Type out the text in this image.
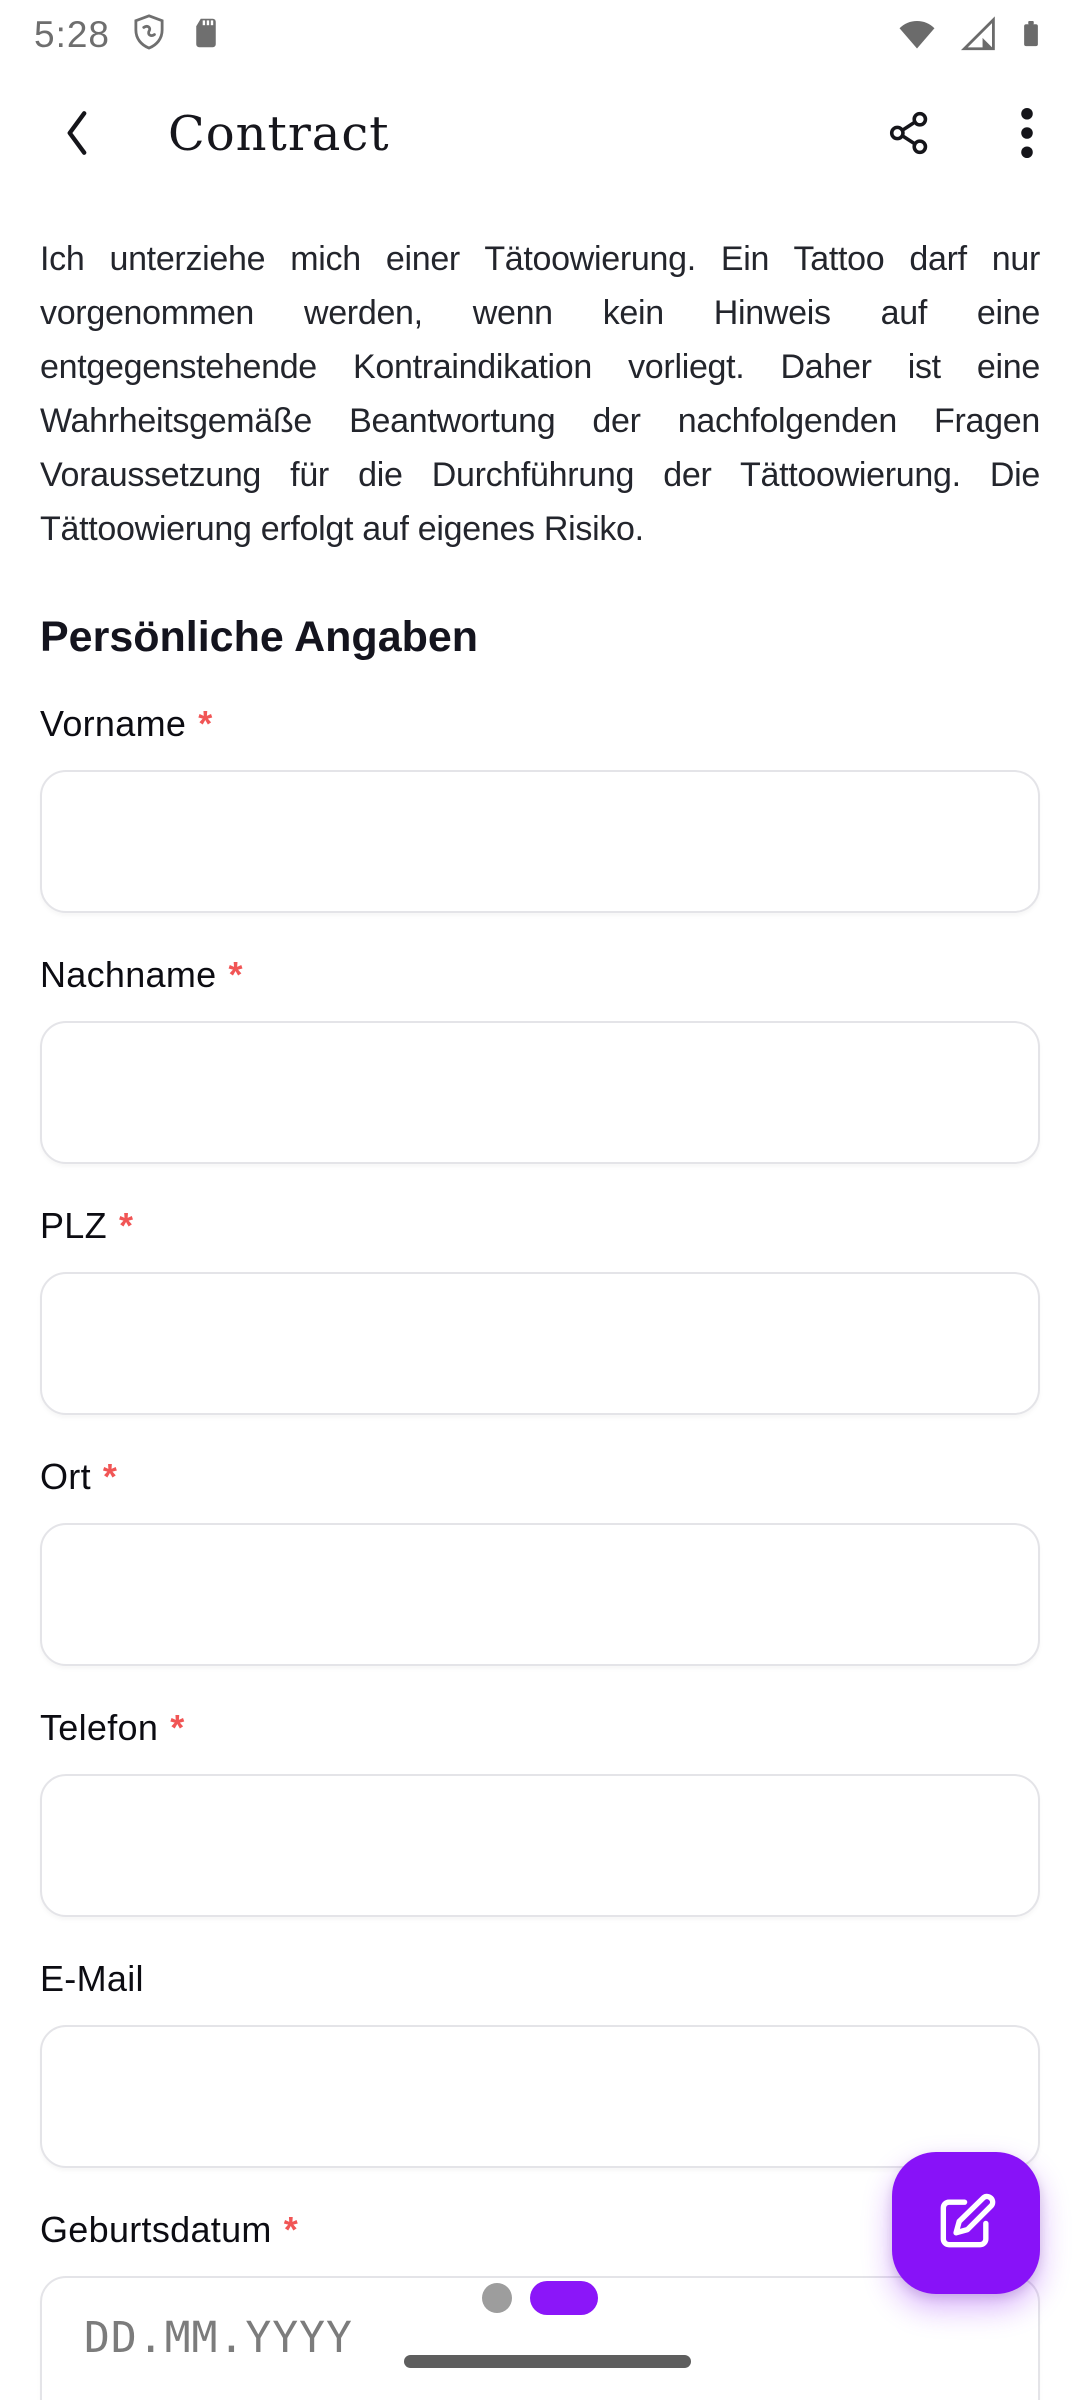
5:28
Contract

Ich unterziehe mich einer Tätoowierung. Ein Tattoo darf nur vorgenommen werden, wenn kein Hinweis auf eine entgegenstehende Kontraindikation vorliegt. Daher ist eine Wahrheitsgemäße Beantwortung der nachfolgenden Fragen Voraussetzung für die Durchführung der Tättoowierung. Die Tättoowierung erfolgt auf eigenes Risiko.

Persönliche Angaben
Vorname *
Nachname *
PLZ *
Ort *
Telefon *
E-Mail
Geburtsdatum *
DD.MM.YYYY
